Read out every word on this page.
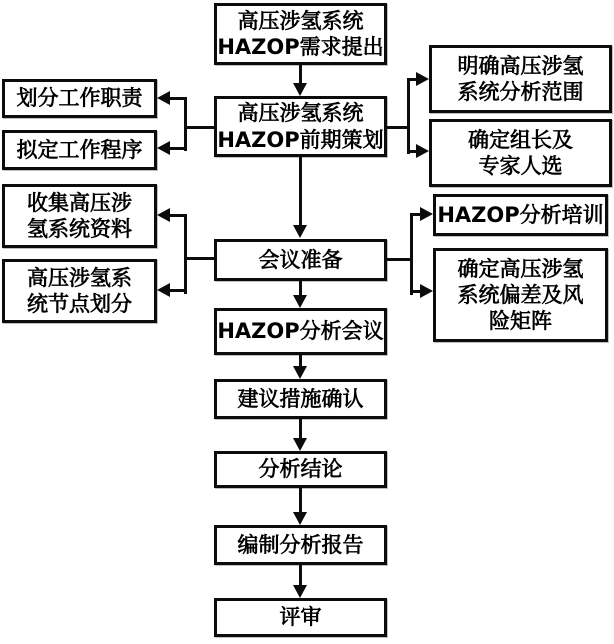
高压涉氢系统
HAZOP需求提出
高压涉氢系统
HAZOP前期策划
会议准备
HAZOP分析会议
建议措施确认
分析结论
编制分析报告
评审
划分工作职责
拟定工作程序
收集高压涉
氢系统资料
高压涉氢系
统节点划分
明确高压涉氢
系统分析范围
确定组长及
专家人选
HAZOP分析培训
确定高压涉氢
系统偏差及风
险矩阵
